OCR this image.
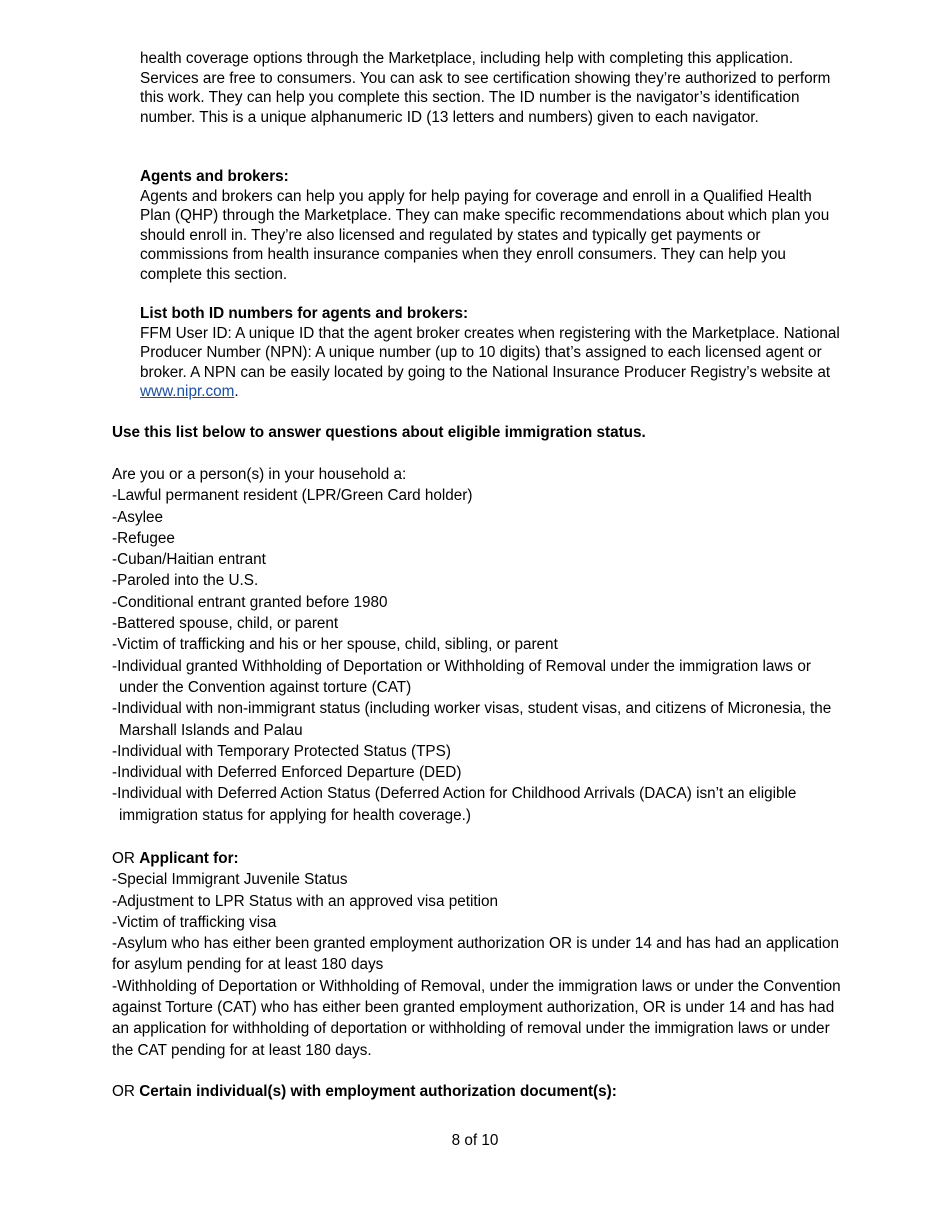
health coverage options through the Marketplace, including help with completing this application. Services are free to consumers. You can ask to see certification showing they’re authorized to perform this work. They can help you complete this section. The ID number is the navigator’s identification number. This is a unique alphanumeric ID (13 letters and numbers) given to each navigator.

Agents and brokers:

Agents and brokers can help you apply for help paying for coverage and enroll in a Qualified Health Plan (QHP) through the Marketplace. They can make specific recommendations about which plan you should enroll in. They’re also licensed and regulated by states and typically get payments or commissions from health insurance companies when they enroll consumers. They can help you complete this section.

List both ID numbers for agents and brokers:

FFM User ID: A unique ID that the agent broker creates when registering with the Marketplace. National Producer Number (NPN): A unique number (up to 10 digits) that’s assigned to each licensed agent or broker. A NPN can be easily located by going to the National Insurance Producer Registry’s website at www.nipr.com.

Use this list below to answer questions about eligible immigration status.

Are you or a person(s) in your household a:

-Lawful permanent resident (LPR/Green Card holder)

-Asylee

-Refugee

-Cuban/Haitian entrant

-Paroled into the U.S.

-Conditional entrant granted before 1980

-Battered spouse, child, or parent

-Victim of trafficking and his or her spouse, child, sibling, or parent

-Individual granted Withholding of Deportation or Withholding of Removal under the immigration laws or under the Convention against torture (CAT)

-Individual with non-immigrant status (including worker visas, student visas, and citizens of Micronesia, the Marshall Islands and Palau

-Individual with Temporary Protected Status (TPS)

-Individual with Deferred Enforced Departure (DED)

-Individual with Deferred Action Status (Deferred Action for Childhood Arrivals (DACA) isn’t an eligible immigration status for applying for health coverage.)

OR Applicant for:

-Special Immigrant Juvenile Status

-Adjustment to LPR Status with an approved visa petition

-Victim of trafficking visa

-Asylum who has either been granted employment authorization OR is under 14 and has had an application for asylum pending for at least 180 days

-Withholding of Deportation or Withholding of Removal, under the immigration laws or under the Convention against Torture (CAT) who has either been granted employment authorization, OR is under 14 and has had an application for withholding of deportation or withholding of removal under the immigration laws or under the CAT pending for at least 180 days.

OR Certain individual(s) with employment authorization document(s):

8 of 10
